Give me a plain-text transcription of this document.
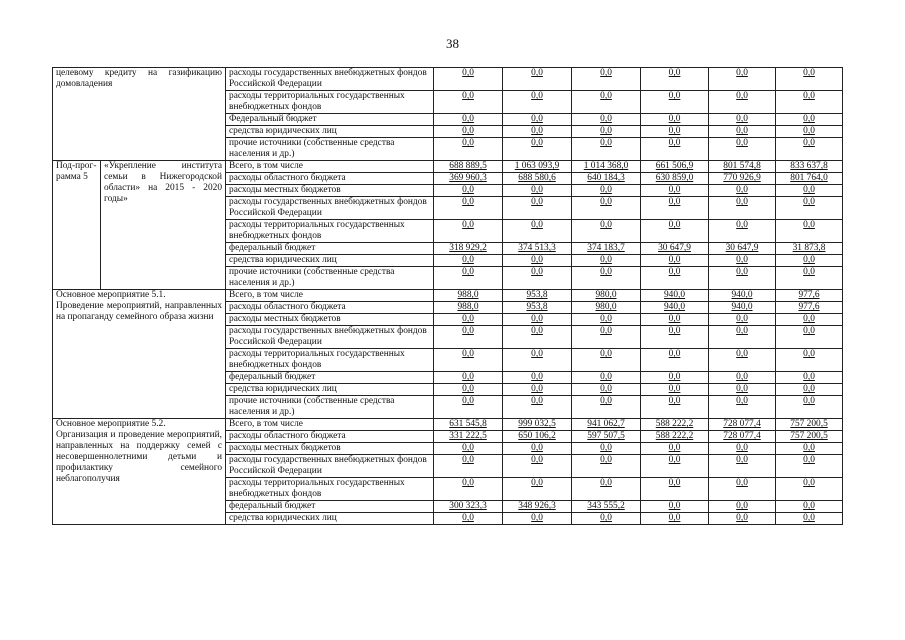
38
целевому кредиту на газификацию домовладения		расходы государственных внебюджетных фондов Российской Федерации	0,0	0,0	0,0	0,0	0,0	0,0
		расходы территориальных государственных внебюджетных фондов	0,0	0,0	0,0	0,0	0,0	0,0
		Федеральный бюджет	0,0	0,0	0,0	0,0	0,0	0,0
		средства юридических лиц	0,0	0,0	0,0	0,0	0,0	0,0
		прочие источники (собственные средства населения и др.)	0,0	0,0	0,0	0,0	0,0	0,0
Под-прог-рамма 5	«Укрепление института семьи в Нижегородской области» на 2015 - 2020 годы»	Всего, в том числе	688 889,5	1 063 093,9	1 014 368,0	661 506,9	801 574,8	833 637,8
		расходы областного бюджета	369 960,3	688 580,6	640 184,3	630 859,0	770 926,9	801 764,0
		расходы местных бюджетов	0,0	0,0	0,0	0,0	0,0	0,0
		расходы государственных внебюджетных фондов Российской Федерации	0,0	0,0	0,0	0,0	0,0	0,0
		расходы территориальных государственных внебюджетных фондов	0,0	0,0	0,0	0,0	0,0	0,0
		федеральный бюджет	318 929,2	374 513,3	374 183,7	30 647,9	30 647,9	31 873,8
		средства юридических лиц	0,0	0,0	0,0	0,0	0,0	0,0
		прочие источники (собственные средства населения и др.)	0,0	0,0	0,0	0,0	0,0	0,0

Основное мероприятие 5.1.
Проведение мероприятий, направленных на пропаганду семейного образа жизни		Всего, в том числе	988,0	953,8	980,0	940,0	940,0	977,6
		расходы областного бюджета	988,0	953,8	980,0	940,0	940,0	977,6
		расходы местных бюджетов	0,0	0,0	0,0	0,0	0,0	0,0
		расходы государственных внебюджетных фондов Российской Федерации	0,0	0,0	0,0	0,0	0,0	0,0
		расходы территориальных государственных внебюджетных фондов	0,0	0,0	0,0	0,0	0,0	0,0
		федеральный бюджет	0,0	0,0	0,0	0,0	0,0	0,0
		средства юридических лиц	0,0	0,0	0,0	0,0	0,0	0,0
		прочие источники (собственные средства населения и др.)	0,0	0,0	0,0	0,0	0,0	0,0

Основное мероприятие 5.2.
Организация и проведение мероприятий, направленных на поддержку семей с несовершеннолетними детьми и профилактику семейного неблагополучия		Всего, в том числе	631 545,8	999 032,5	941 062,7	588 222,2	728 077,4	757 200,5
		расходы областного бюджета	331 222,5	650 106,2	597 507,5	588 222,2	728 077,4	757 200,5
		расходы местных бюджетов	0,0	0,0	0,0	0,0	0,0	0,0
		расходы государственных внебюджетных фондов Российской Федерации	0,0	0,0	0,0	0,0	0,0	0,0
		расходы территориальных государственных внебюджетных фондов	0,0	0,0	0,0	0,0	0,0	0,0
		федеральный бюджет	300 323,3	348 926,3	343 555,2	0,0	0,0	0,0
		средства юридических лиц	0,0	0,0	0,0	0,0	0,0	0,0
